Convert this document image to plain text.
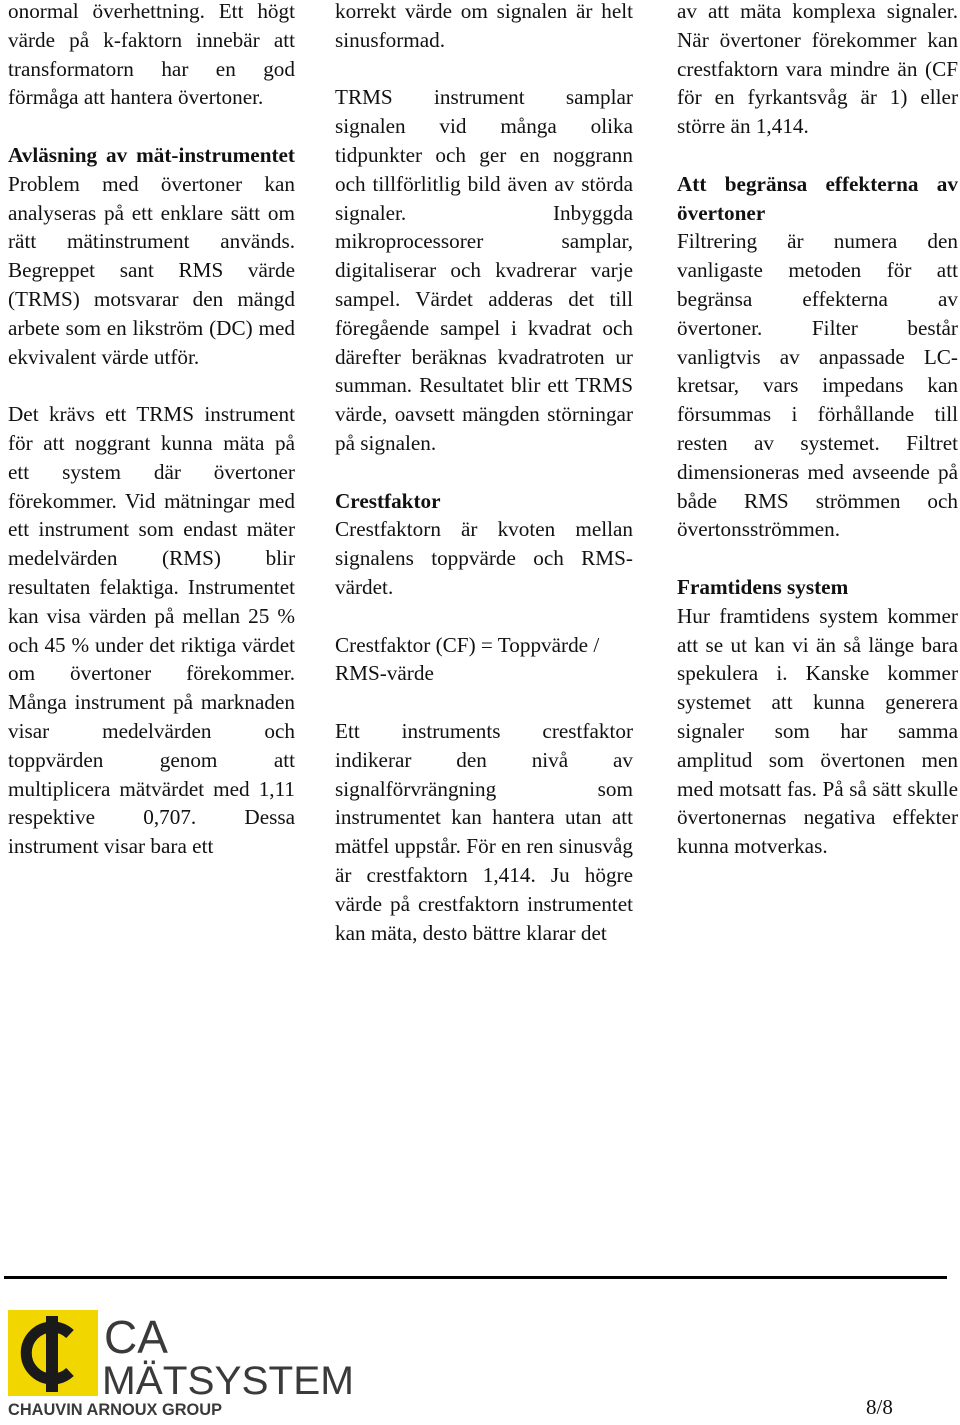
onormal överhettning. Ett högt värde på k-faktorn innebär att transformatorn har en god förmåga att hantera övertoner.

Avläsning av mät-instrumentet
Problem med övertoner kan analyseras på ett enklare sätt om rätt mätinstrument används. Begreppet sant RMS värde (TRMS) motsvarar den mängd arbete som en likström (DC) med ekvivalent värde utför.

Det krävs ett TRMS instrument för att noggrant kunna mäta på ett system där övertoner förekommer. Vid mätningar med ett instrument som endast mäter medelvärden (RMS) blir resultaten felaktiga. Instrumentet kan visa värden på mellan 25 % och 45 % under det riktiga värdet om övertoner förekommer. Många instrument på marknaden visar medelvärden och toppvärden genom att multiplicera mätvärdet med 1,11 respektive 0,707. Dessa instrument visar bara ett

korrekt värde om signalen är helt sinusformad.

TRMS instrument samplar signalen vid många olika tidpunkter och ger en noggrann och tillförlitlig bild även av störda signaler. Inbyggda mikroprocessorer samplar, digitaliserar och kvadrerar varje sampel. Värdet adderas det till föregående sampel i kvadrat och därefter beräknas kvadratroten ur summan. Resultatet blir ett TRMS värde, oavsett mängden störningar på signalen.

Crestfaktor
Crestfaktorn är kvoten mellan signalens toppvärde och RMS-värdet.

Crestfaktor (CF) = Toppvärde / RMS-värde

Ett instruments crestfaktor indikerar den nivå av signalförvrängning som instrumentet kan hantera utan att mätfel uppstår. För en ren sinusvåg är crestfaktorn 1,414. Ju högre värde på crestfaktorn instrumentet kan mäta, desto bättre klarar det

av att mäta komplexa signaler. När övertoner förekommer kan crestfaktorn vara mindre än (CF för en fyrkantsvåg är 1) eller större än 1,414.

Att begränsa effekterna av övertoner
Filtrering är numera den vanligaste metoden för att begränsa effekterna av övertoner. Filter består vanligtvis av anpassade LC-kretsar, vars impedans kan försummas i förhållande till resten av systemet. Filtret dimensioneras med avseende på både RMS strömmen och övertonsströmmen.

Framtidens system
Hur framtidens system kommer att se ut kan vi än så länge bara spekulera i. Kanske kommer systemet att kunna generera signaler som har samma amplitud som övertonen men med motsatt fas. På så sätt skulle övertonernas negativa effekter kunna motverkas.

CA
MÄTSYSTEM
CHAUVIN ARNOUX GROUP	8/8
